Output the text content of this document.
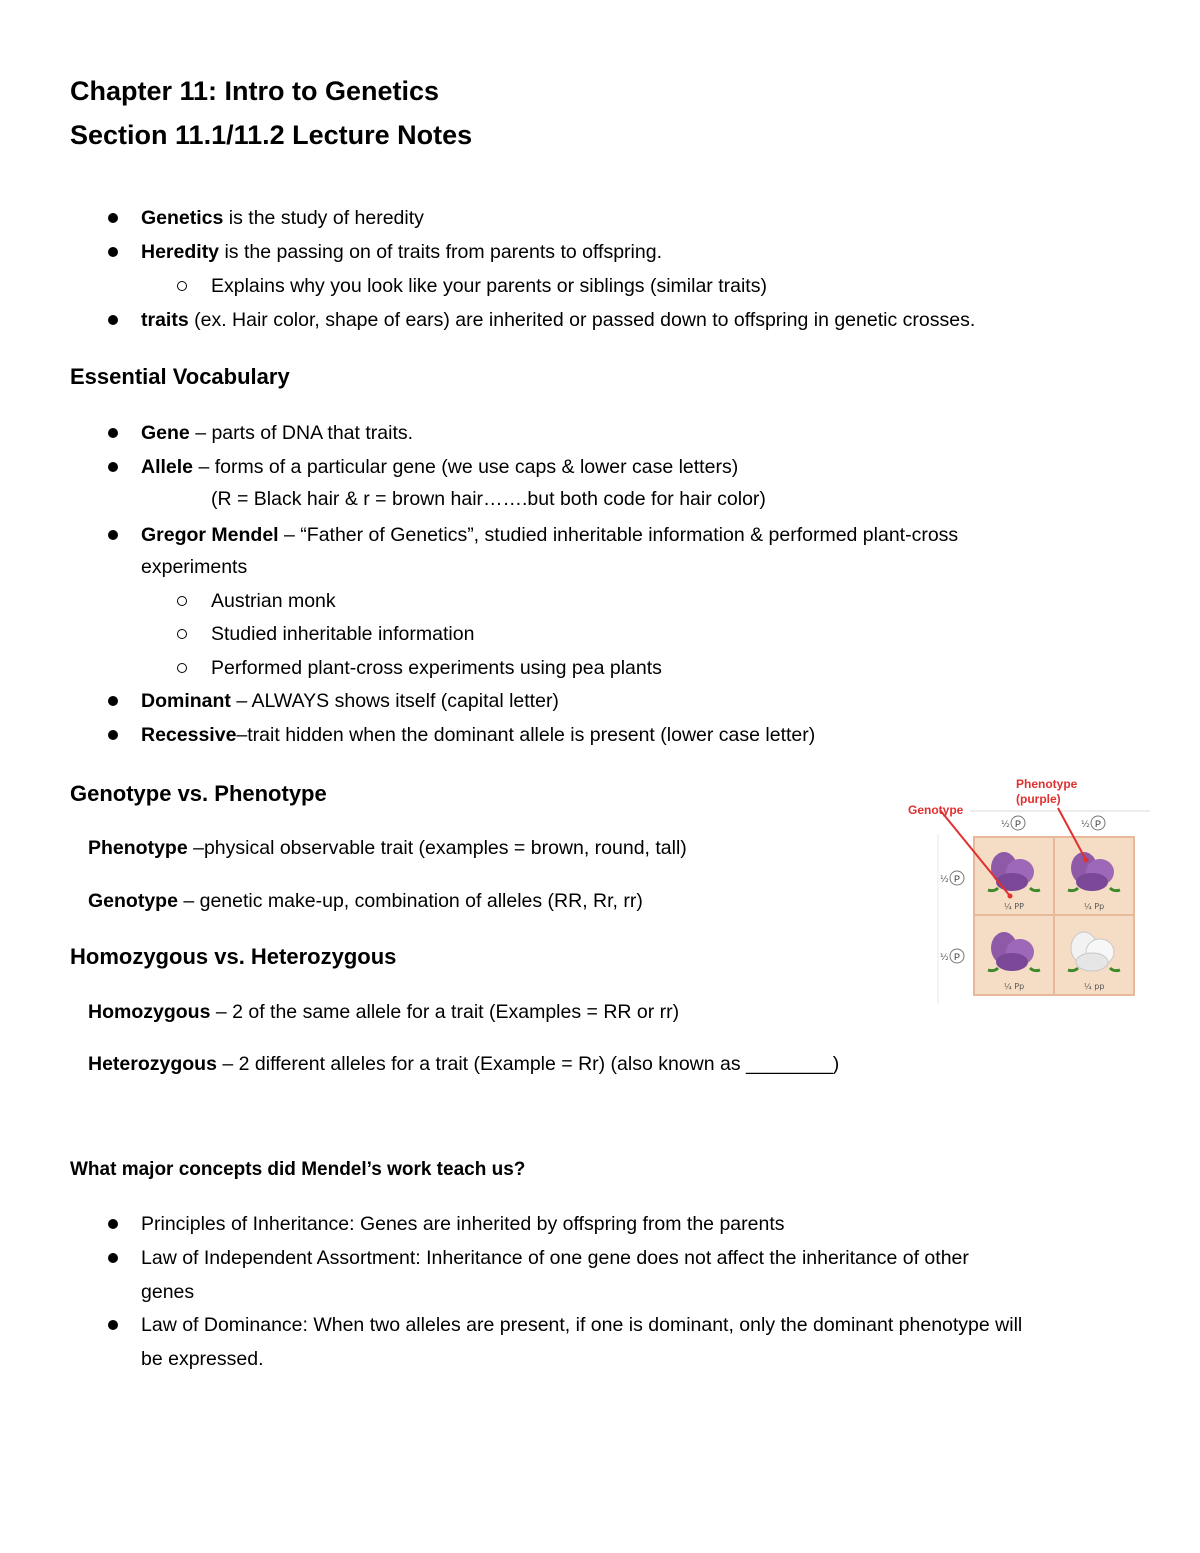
Chapter 11: Intro to Genetics
Section 11.1/11.2 Lecture Notes
Genetics is the study of heredity
Heredity is the passing on of traits from parents to offspring.
Explains why you look like your parents or siblings (similar traits)
traits (ex. Hair color, shape of ears) are inherited or passed down to offspring in genetic crosses.
Essential Vocabulary
Gene – parts of DNA that traits.
Allele – forms of a particular gene (we use caps & lower case letters)
(R = Black hair & r = brown hair…….but both code for hair color)
Gregor Mendel – “Father of Genetics”, studied inheritable information & performed plant-cross
experiments
Austrian monk
Studied inheritable information
Performed plant-cross experiments using pea plants
Dominant – ALWAYS shows itself (capital letter)
Recessive–trait hidden when the dominant allele is present (lower case letter)
Genotype vs. Phenotype
Phenotype –physical observable trait (examples = brown, round, tall)
Genotype – genetic make-up, combination of alleles (RR, Rr, rr)
Homozygous vs. Heterozygous
Homozygous – 2 of the same allele for a trait (Examples = RR or rr)
Heterozygous – 2 different alleles for a trait (Example = Rr) (also known as ________)
What major concepts did Mendel’s work teach us?
Principles of Inheritance: Genes are inherited by offspring from the parents
Law of Independent Assortment: Inheritance of one gene does not affect the inheritance of other
genes
Law of Dominance: When two alleles are present, if one is dominant, only the dominant phenotype will
be expressed.
Phenotype
(purple)
Genotype
½ P	½ P
½ P
½ P
¼ PP	¼ Pp
¼ Pp	¼ pp
